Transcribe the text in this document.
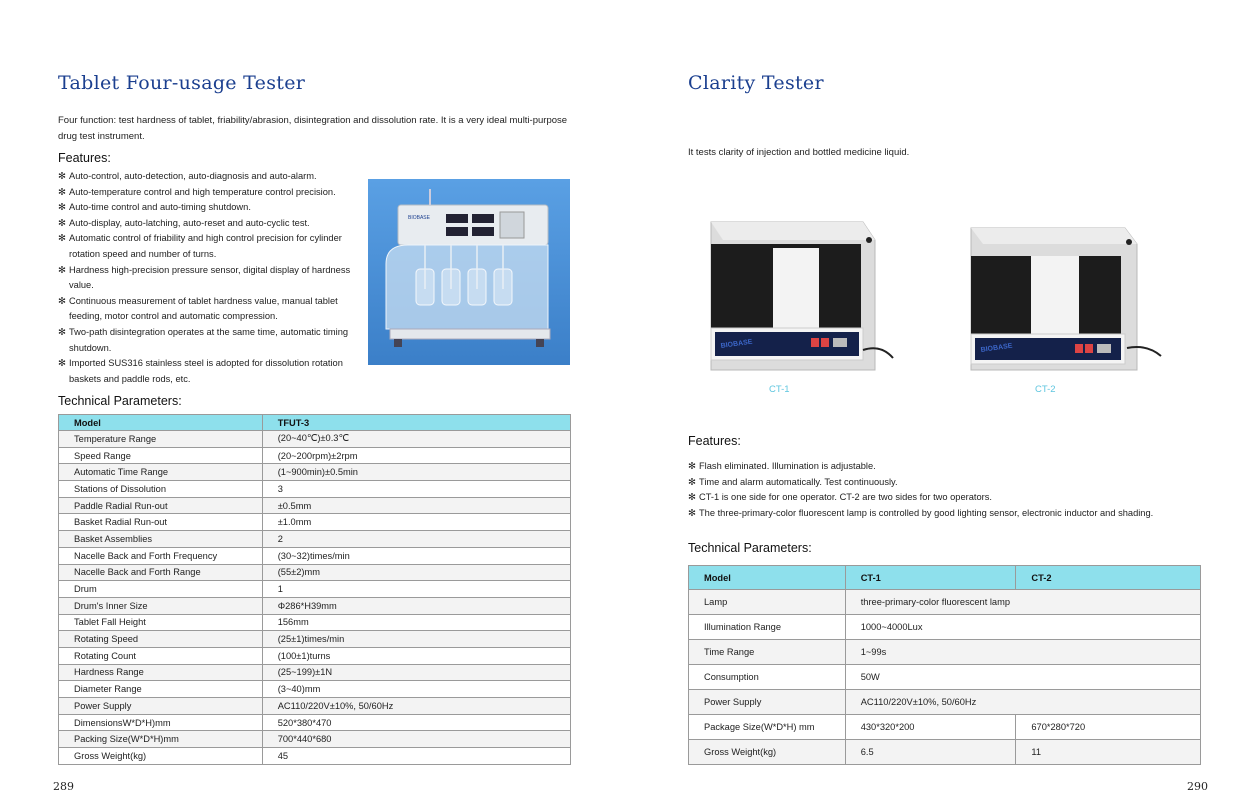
Tablet Four-usage Tester
Four function: test hardness of tablet, friability/abrasion, disintegration and dissolution rate. It is a very ideal multi-purpose
drug test instrument.
Features:
✻ Auto-control, auto-detection, auto-diagnosis and auto-alarm.
✻ Auto-temperature control and high temperature control precision.
✻ Auto-time control and auto-timing shutdown.
✻ Auto-display, auto-latching, auto-reset and auto-cyclic test.
✻ Automatic control of friability and high control precision for cylinder
rotation speed and number of turns.
✻ Hardness high-precision pressure sensor, digital display of hardness
value.
✻ Continuous measurement of tablet hardness value, manual tablet
feeding, motor control and automatic compression.
✻ Two-path disintegration operates at the same time, automatic timing
shutdown.
✻ Imported SUS316 stainless steel is adopted for dissolution rotation
baskets and paddle rods, etc.
BIOBASE
Technical Parameters:
Model	TFUT-3
Temperature Range	(20~40℃)±0.3℃
Speed Range	(20~200rpm)±2rpm
Automatic Time Range	(1~900min)±0.5min
Stations of Dissolution	3
Paddle Radial Run-out	±0.5mm
Basket Radial Run-out	±1.0mm
Basket Assemblies	2
Nacelle Back and Forth Frequency	(30~32)times/min
Nacelle Back and Forth Range	(55±2)mm
Drum	1
Drum's Inner Size	Φ286*H39mm
Tablet Fall Height	156mm
Rotating Speed	(25±1)times/min
Rotating Count	(100±1)turns
Hardness Range	(25~199)±1N
Diameter Range	(3~40)mm
Power Supply	AC110/220V±10%, 50/60Hz
DimensionsW*D*H)mm	520*380*470
Packing Size(W*D*H)mm	700*440*680
Gross Weight(kg)	45
289
Clarity Tester
It tests clarity of injection and bottled medicine liquid.
BIOBASE	BIOBASE
CT-1	CT-2
Features:
✻ Flash eliminated. Illumination is adjustable.
✻ Time and alarm automatically. Test continuously.
✻ CT-1 is one side for one operator. CT-2 are two sides for two operators.
✻ The three-primary-color fluorescent lamp is controlled by good lighting sensor, electronic inductor and shading.
Technical Parameters:
Model	CT-1	CT-2
Lamp	three-primary-color fluorescent lamp	
Illumination Range	1000~4000Lux	
Time Range	1~99s	
Consumption	50W	
Power Supply	AC110/220V±10%, 50/60Hz	
Package Size(W*D*H) mm	430*320*200	670*280*720
Gross Weight(kg)	6.5	11
290
